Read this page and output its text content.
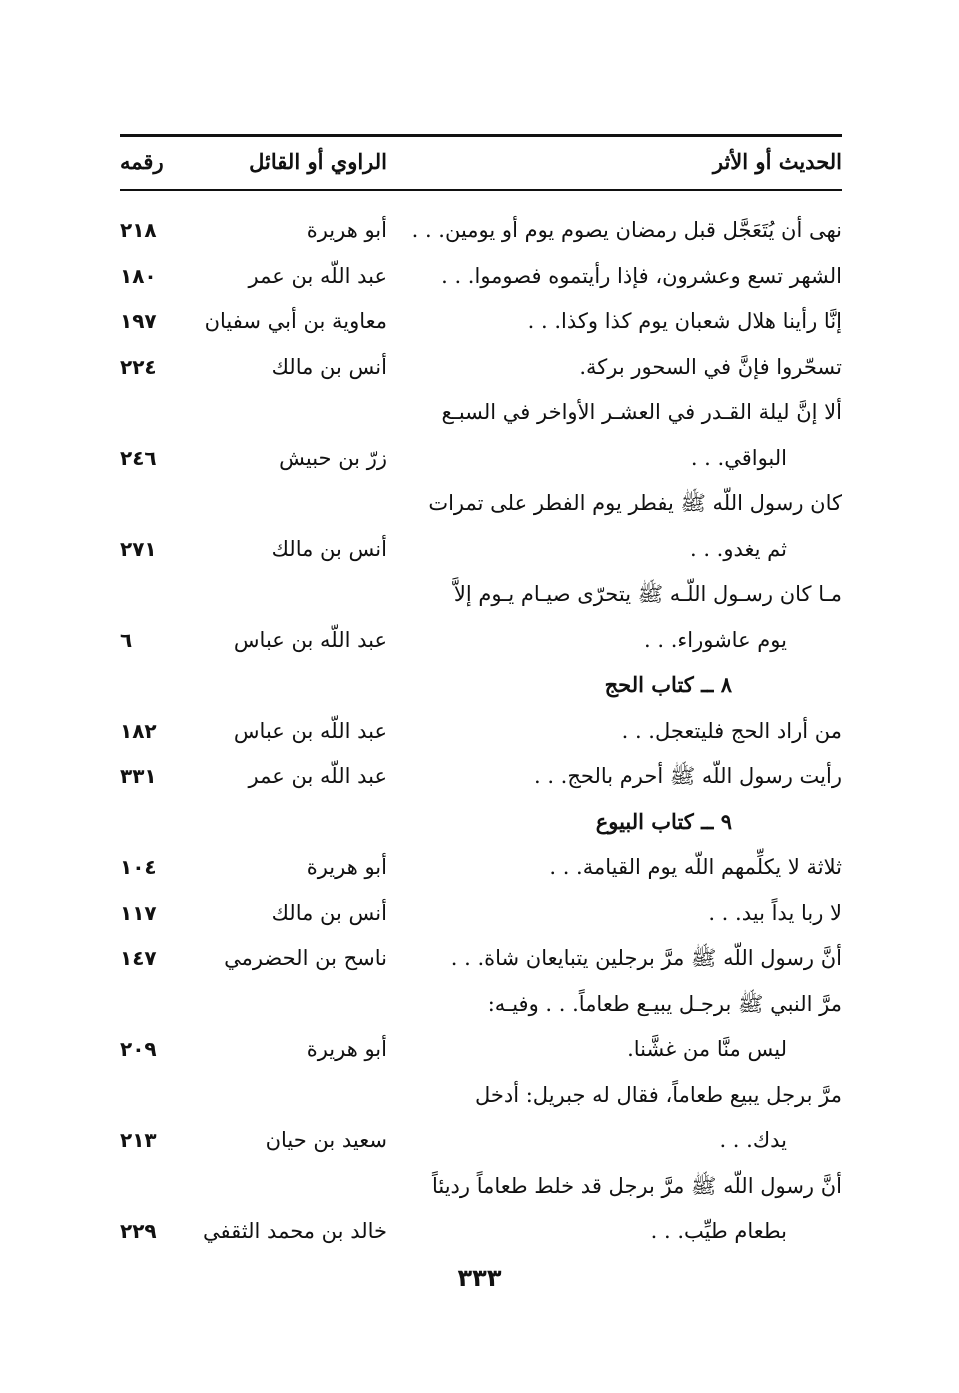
الحديث أو الأثر
الراوي أو القائل
رقمه
نهى أن يُتَعَجَّل قبل رمضان يصوم يوم أو يومين. . .
أبو هريرة
٢١٨
الشهر تسع وعشرون، فإذا رأيتموه فصوموا. . .
عبد اللّه بن عمر
١٨٠
إنَّا رأينا هلال شعبان يوم كذا وكذا. . .
معاوية بن أبي سفيان
١٩٧
تسحّروا فإنَّ في السحور بركة.
أنس بن مالك
٢٢٤
ألا إنَّ ليلة القـدر في العشـر الأواخر في السبـع
البواقي. . .
زرّ بن حبيش
٢٤٦
كان رسول اللّه ﷺ يفطر يوم الفطر على تمرات
ثم يغدو. . .
أنس بن مالك
٢٧١
مـا كان رسـول اللّـه ﷺ يتحرّى صيـام يـوم إلاَّ
يوم عاشوراء. . .
عبد اللّه بن عباس
٦
٨ ــ كتاب الحج
من أراد الحج فليتعجل. . .
عبد اللّه بن عباس
١٨٢
رأيت رسول اللّه ﷺ أحرم بالحج. . .
عبد اللّه بن عمر
٣٣١
٩ ــ كتاب البيوع
ثلاثة لا يكلِّمهم اللّه يوم القيامة. . .
أبو هريرة
١٠٤
لا ربا يداً بيد. . .
أنس بن مالك
١١٧
أنَّ رسول اللّه ﷺ مرَّ برجلين يتبايعان شاة. . .
ناسح بن الحضرمي
١٤٧
مرَّ النبي ﷺ برجـل يبيـع طعاماً. . . وفيـه:
ليس منَّا من غشَّنا.
أبو هريرة
٢٠٩
مرَّ برجل يبيع طعاماً، فقال له جبريل: أدخل
يدك. . .
سعيد بن حيان
٢١٣
أنَّ رسول اللّه ﷺ مرَّ برجل قد خلط طعاماً رديئاً
بطعام طيِّب. . .
خالد بن محمد الثقفي
٢٢٩
٣٣٣
